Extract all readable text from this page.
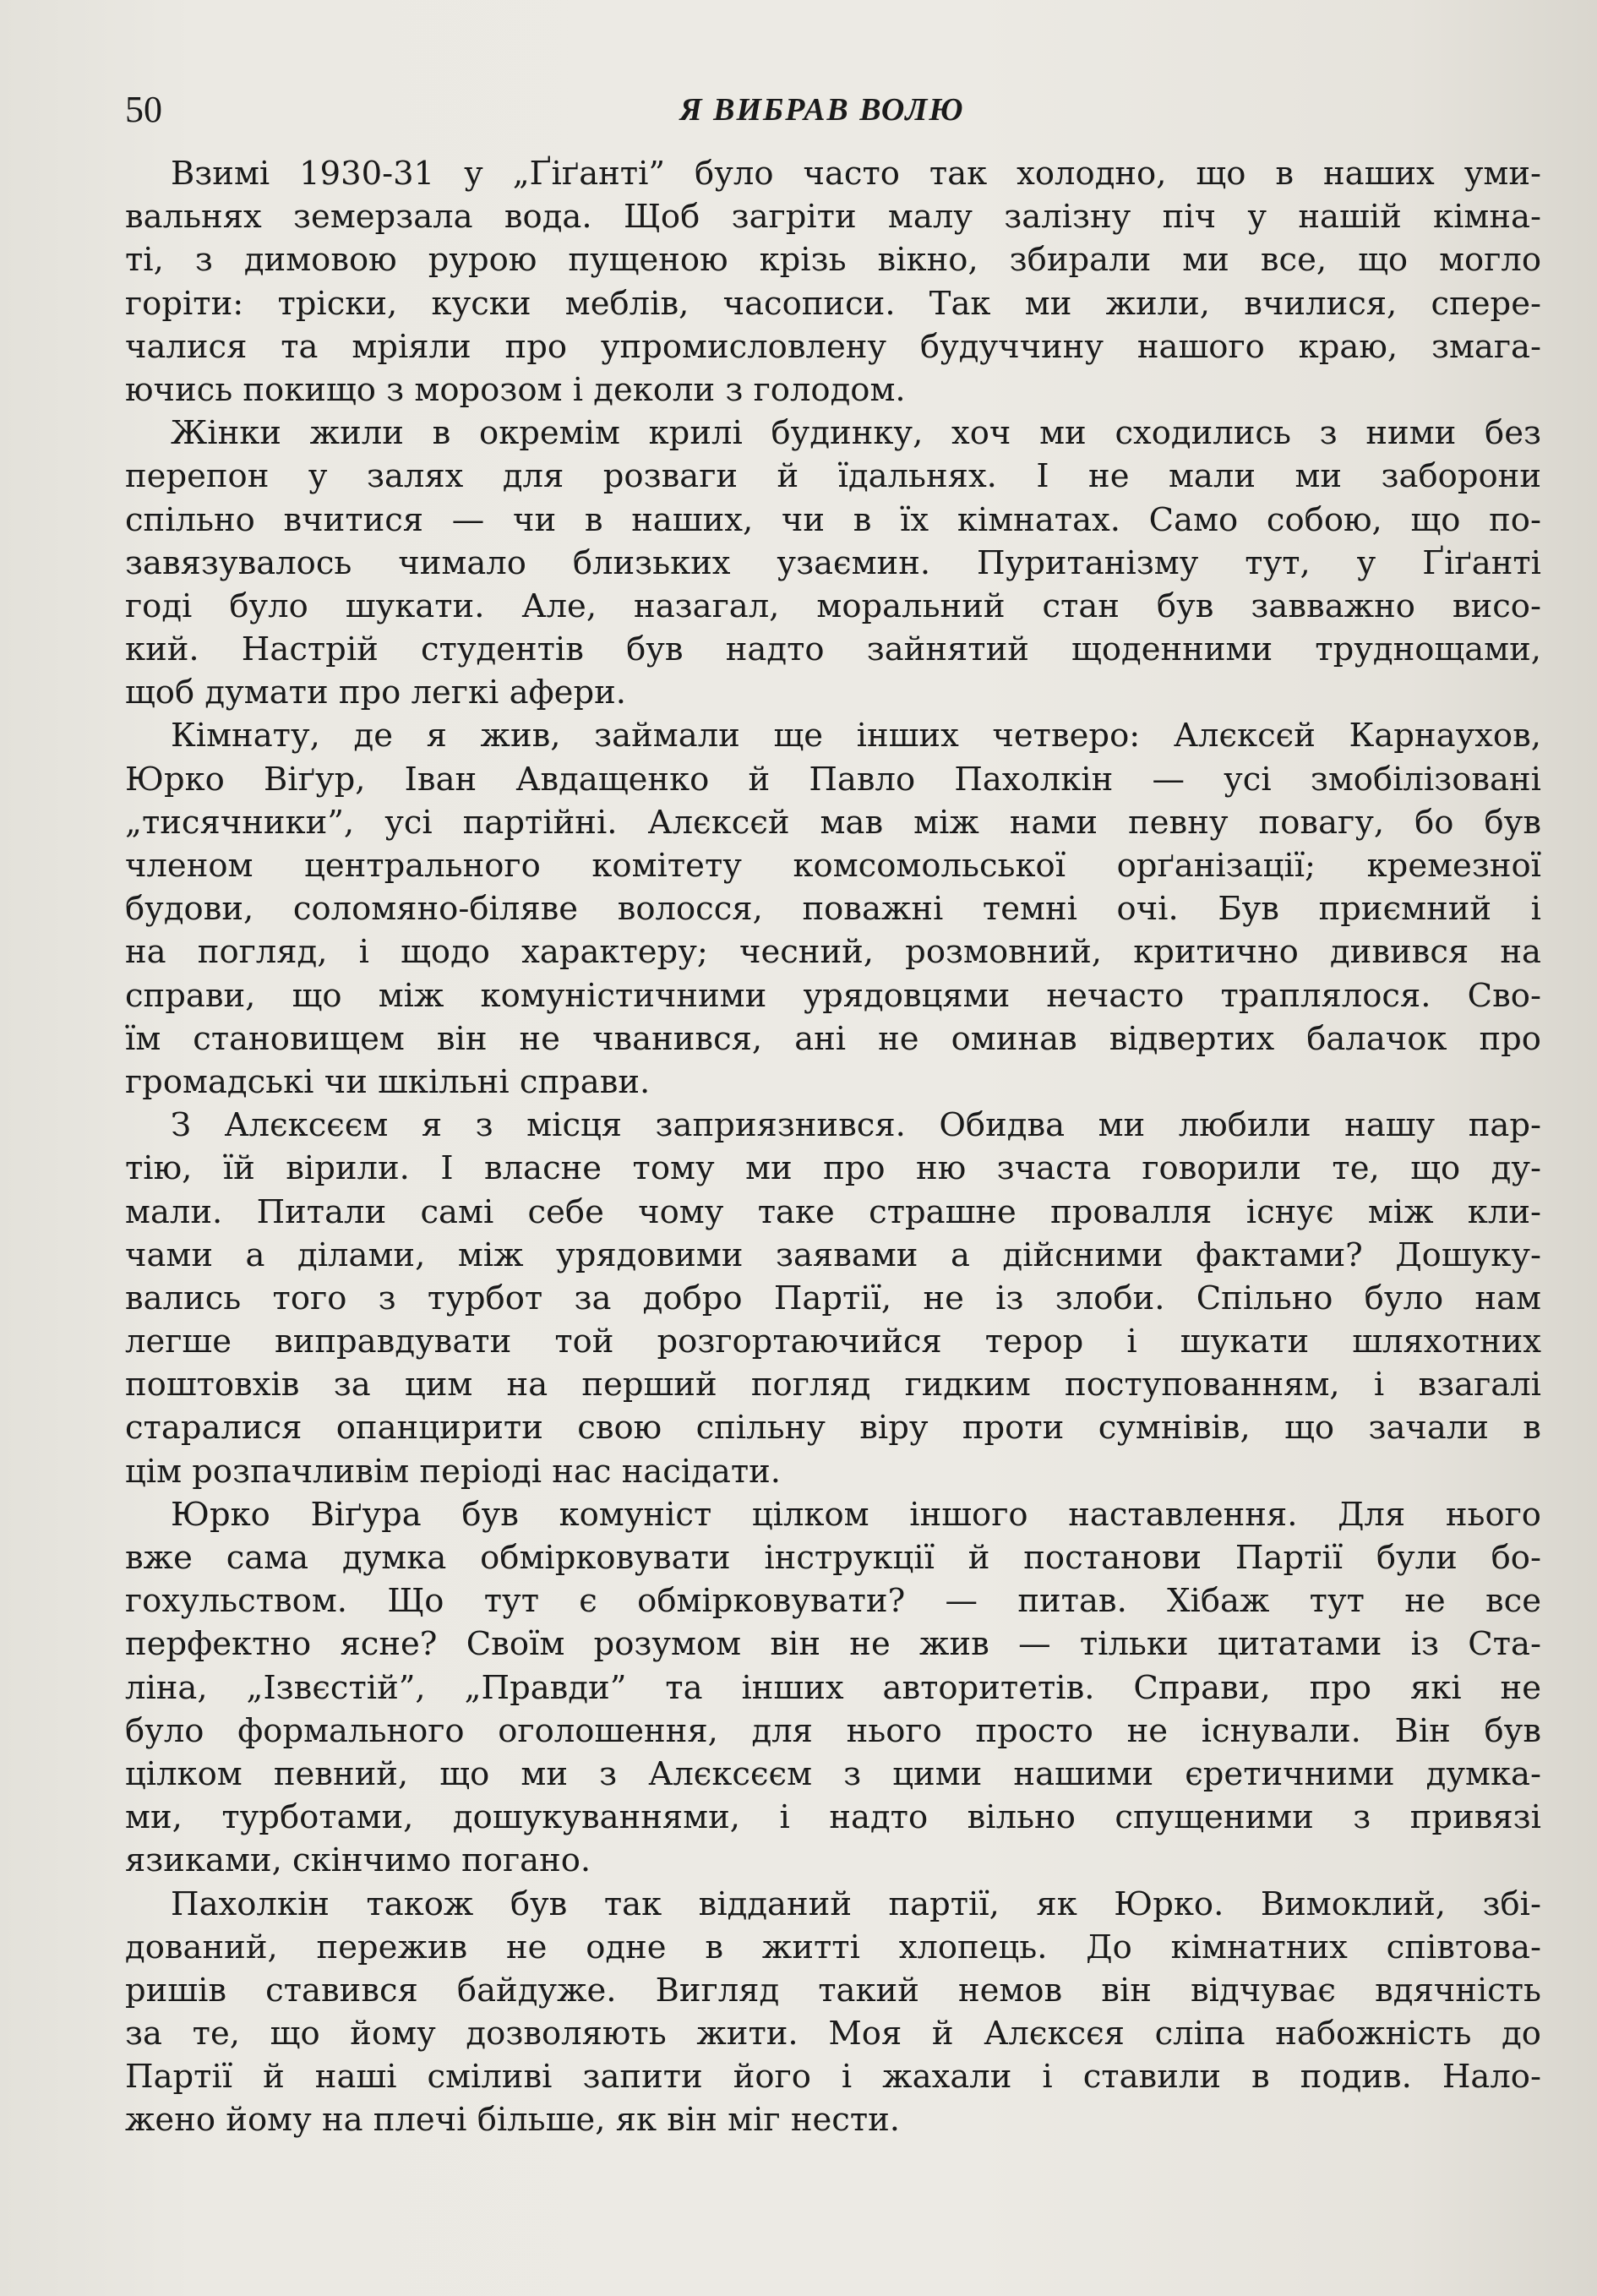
50	Я ВИБРАВ ВОЛЮ
Взимі 1930-31 у „Ґіґанті” було часто так холодно, що в наших уми-
вальнях земерзала вода. Щоб загріти малу залізну піч у нашій кімна-
ті, з димовою рурою пущеною крізь вікно, збирали ми все, що могло
горіти: тріски, куски меблів, часописи. Так ми жили, вчилися, спере-
чалися та мріяли про упромисловлену будуччину нашого краю, змага-
ючись покищо з морозом і деколи з голодом.
Жінки жили в окремім крилі будинку, хоч ми сходились з ними без
перепон у залях для розваги й їдальнях. І не мали ми заборони
спільно вчитися — чи в наших, чи в їх кімнатах. Само собою, що по-
завязувалось чимало близьких узаємин. Пуританізму тут, у Ґіґанті
годі було шукати. Але, назагал, моральний стан був завважно висо-
кий. Настрій студентів був надто зайнятий щоденними труднощами,
щоб думати про легкі афери.
Кімнату, де я жив, займали ще інших четверо: Алєксєй Карнаухов,
Юрко Віґур, Іван Авдащенко й Павло Пахолкін — усі змобілізовані
„тисячники”, усі партійні. Алєксєй мав між нами певну повагу, бо був
членом центрального комітету комсомольської орґанізації; кремезної
будови, соломяно-біляве волосся, поважні темні очі. Був приємний і
на погляд, і щодо характеру; чесний, розмовний, критично дивився на
справи, що між комуністичними урядовцями нечасто траплялося. Сво-
їм становищем він не чванився, ані не оминав відвертих балачок про
громадські чи шкільні справи.
З Алєксєєм я з місця заприязнився. Обидва ми любили нашу пар-
тію, їй вірили. І власне тому ми про ню зчаста говорили те, що ду-
мали. Питали самі себе чому таке страшне провалля існує між кли-
чами а ділами, між урядовими заявами а дійсними фактами? Дошуку-
вались того з турбот за добро Партії, не із злоби. Спільно було нам
легше виправдувати той розгортаючийся терор і шукати шляхотних
поштовхів за цим на перший погляд гидким поступованням, і взагалі
старалися опанцирити свою спільну віру проти сумнівів, що зачали в
цім розпачливім періоді нас насідати.
Юрко Віґура був комуніст цілком іншого наставлення. Для нього
вже сама думка обмірковувати інструкції й постанови Партії були бо-
гохульством. Що тут є обмірковувати? — питав. Хібаж тут не все
перфектно ясне? Своїм розумом він не жив — тільки цитатами із Ста-
ліна, „Ізвєстій”, „Правди” та інших авторитетів. Справи, про які не
було формального оголошення, для нього просто не існували. Він був
цілком певний, що ми з Алєксєєм з цими нашими єретичними думка-
ми, турботами, дошукуваннями, і надто вільно спущеними з привязі
язиками, скінчимо погано.
Пахолкін також був так відданий партії, як Юрко. Вимоклий, збі-
дований, пережив не одне в житті хлопець. До кімнатних співтова-
ришів ставився байдуже. Вигляд такий немов він відчуває вдячність
за те, що йому дозволяють жити. Моя й Алєксєя сліпа набожність до
Партії й наші сміливі запити його і жахали і ставили в подив. Нало-
жено йому на плечі більше, як він міг нести.
